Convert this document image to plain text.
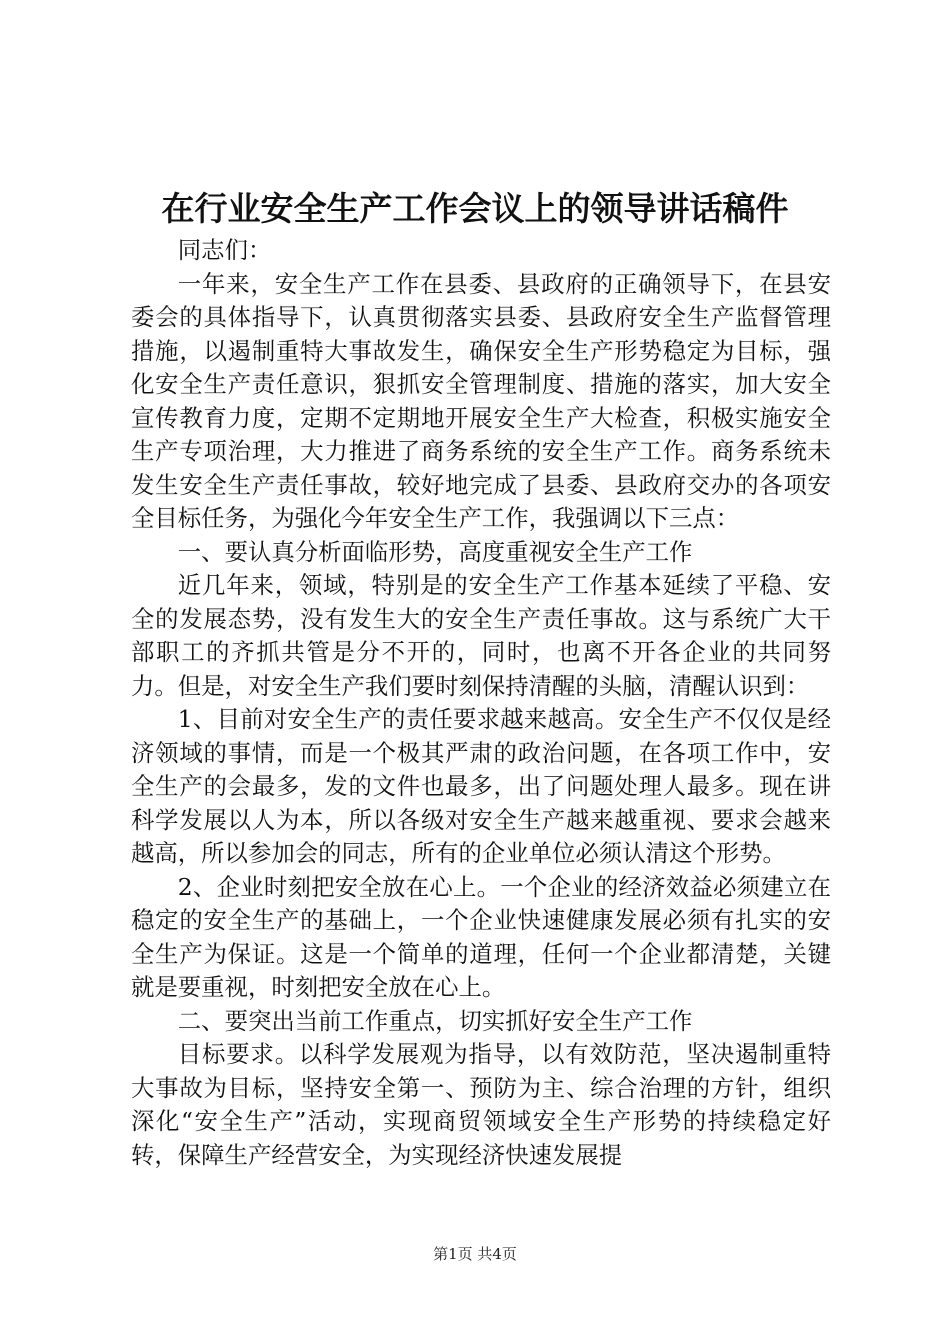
在行业安全生产工作会议上的领导讲话稿件

同志们：

一年来，安全生产工作在县委、县政府的正确领导下，在县安委会的具体指导下，认真贯彻落实县委、县政府安全生产监督管理措施，以遏制重特大事故发生，确保安全生产形势稳定为目标，强化安全生产责任意识，狠抓安全管理制度、措施的落实，加大安全宣传教育力度，定期不定期地开展安全生产大检查，积极实施安全生产专项治理，大力推进了商务系统的安全生产工作。商务系统未发生安全生产责任事故，较好地完成了县委、县政府交办的各项安全目标任务，为强化今年安全生产工作，我强调以下三点：

一、要认真分析面临形势，高度重视安全生产工作

近几年来，领域，特别是的安全生产工作基本延续了平稳、安全的发展态势，没有发生大的安全生产责任事故。这与系统广大干部职工的齐抓共管是分不开的，同时，也离不开各企业的共同努力。但是，对安全生产我们要时刻保持清醒的头脑，清醒认识到：

1、目前对安全生产的责任要求越来越高。安全生产不仅仅是经济领域的事情，而是一个极其严肃的政治问题，在各项工作中，安全生产的会最多，发的文件也最多，出了问题处理人最多。现在讲科学发展以人为本，所以各级对安全生产越来越重视、要求会越来越高，所以参加会的同志，所有的企业单位必须认清这个形势。

2、企业时刻把安全放在心上。一个企业的经济效益必须建立在稳定的安全生产的基础上，一个企业快速健康发展必须有扎实的安全生产为保证。这是一个简单的道理，任何一个企业都清楚，关键就是要重视，时刻把安全放在心上。

二、要突出当前工作重点，切实抓好安全生产工作

目标要求。以科学发展观为指导，以有效防范，坚决遏制重特大事故为目标，坚持安全第一、预防为主、综合治理的方针，组织深化“安全生产”活动，实现商贸领域安全生产形势的持续稳定好转，保障生产经营安全，为实现经济快速发展提

第1页 共4页
